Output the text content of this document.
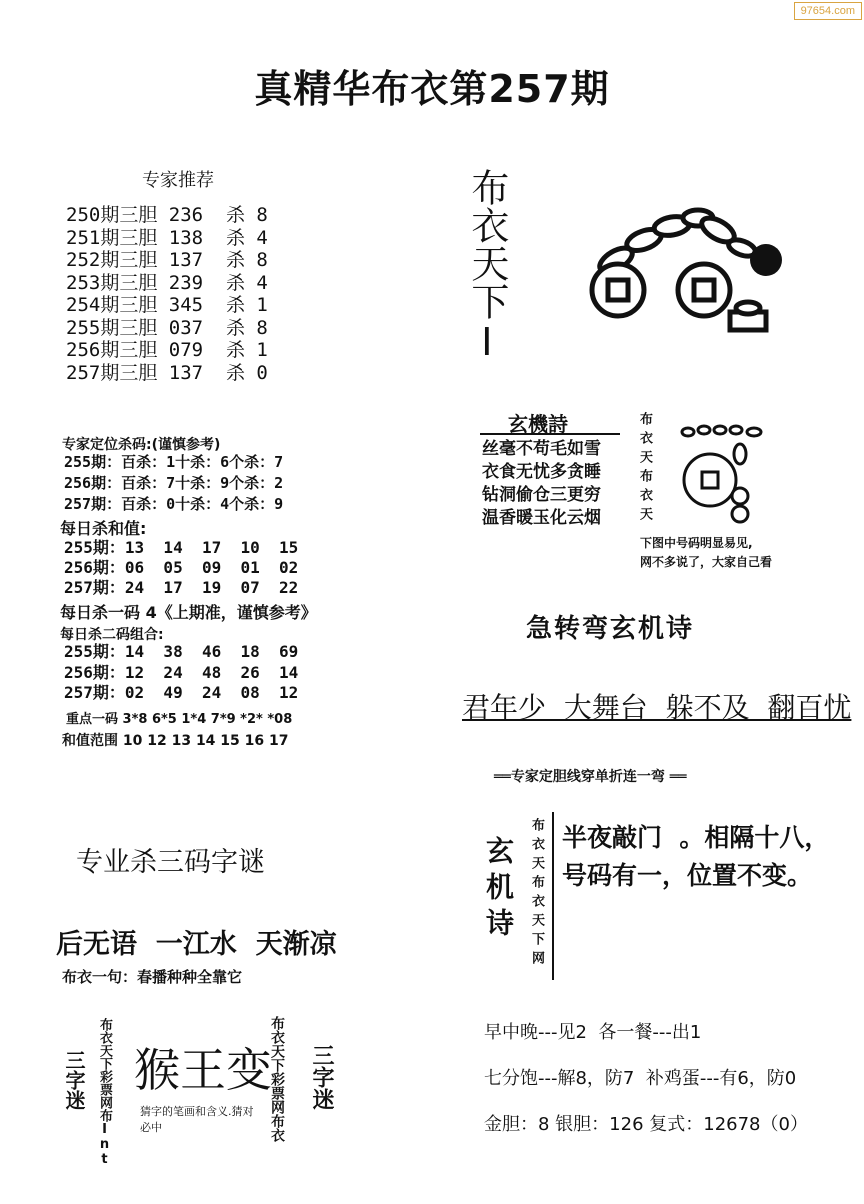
97654.com
真精华布衣第257期
专家推荐
250期三胆 236  杀 8
251期三胆 138  杀 4
252期三胆 137  杀 8
253期三胆 239  杀 4
254期三胆 345  杀 1
255期三胆 037  杀 8
256期三胆 079  杀 1
257期三胆 137  杀 0
专家定位杀码:(谨慎参考)
255期：百杀：1十杀：6个杀：7
256期：百杀：7十杀：9个杀：2
257期：百杀：0十杀：4个杀：9
每日杀和值:
255期：13  14  17  10  15
256期：06  05  09  01  02
257期：24  17  19  07  22
每日杀一码 4《上期准，谨慎参考》
每日杀二码组合:
255期：14  38  46  18  69
256期：12  24  48  26  14
257期：02  49  24  08  12
重点一码 3*8 6*5 1*4 7*9 *2* *08
和值范围 10 12 13 14 15 16 17
专业杀三码字谜
后无语  一江水  天渐凉
布衣一句：春播种种全靠它
三字迷 布衣天下彩票网布Int 猴王变
猜字的笔画和含义.猜对必中	布衣天下彩票网布衣 三字迷
布衣天下I
玄機詩
丝毫不苟毛如雪
衣食无忧多贪睡
钻洞偷仓三更穷
温香暖玉化云烟	布衣天布衣天
下图中号码明显易见,
网不多说了，大家自己看
急转弯玄机诗
君年少  大舞台  躲不及  翻百忧
══专家定胆线穿单折连一弯 ══
玄机诗 布衣天布衣天下网 半夜敲门  。相隔十八，
号码有一，位置不变。
早中晚---见2  各一餐---出1
七分饱---解8，防7  补鸡蛋---有6，防0
金胆：8 银胆：126 复式：12678（0）
